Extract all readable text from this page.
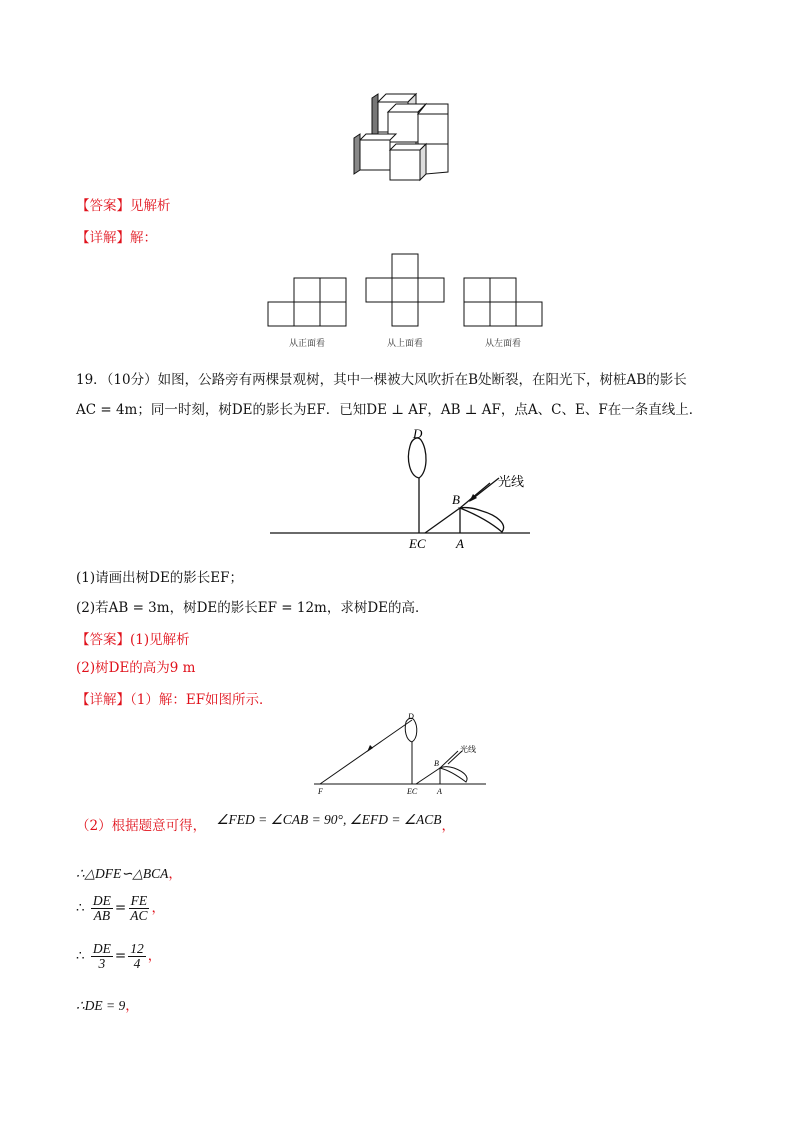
【答案】见解析
【详解】解：
从正面看	从上面看	从左面看
19．（10分）如图，公路旁有两棵景观树，其中一棵被大风吹折在B处断裂，在阳光下，树桩AB的影长
AC = 4m；同一时刻，树DE的影长为EF．已知DE ⊥ AF，AB ⊥ AF，点A、C、E、F在一条直线上．
D
B
光线
EC A
(1)请画出树DE的影长EF；
(2)若AB = 3m，树DE的影长EF = 12m，求树DE的高．
【答案】(1)见解析
(2)树DE的高为9 m
【详解】（1）解：EF如图所示．
D
B
光线
F	EC A
（2）根据题意可得， ∠FED = ∠CAB = 90°, ∠EFD = ∠ACB，
∴△DFE∽△BCA，
∴ $\frac{DE}{AB} = \frac{FE}{AC}$ ，
∴ $\frac{DE}{3} = \frac{12}{4}$ ，
∴DE = 9，
